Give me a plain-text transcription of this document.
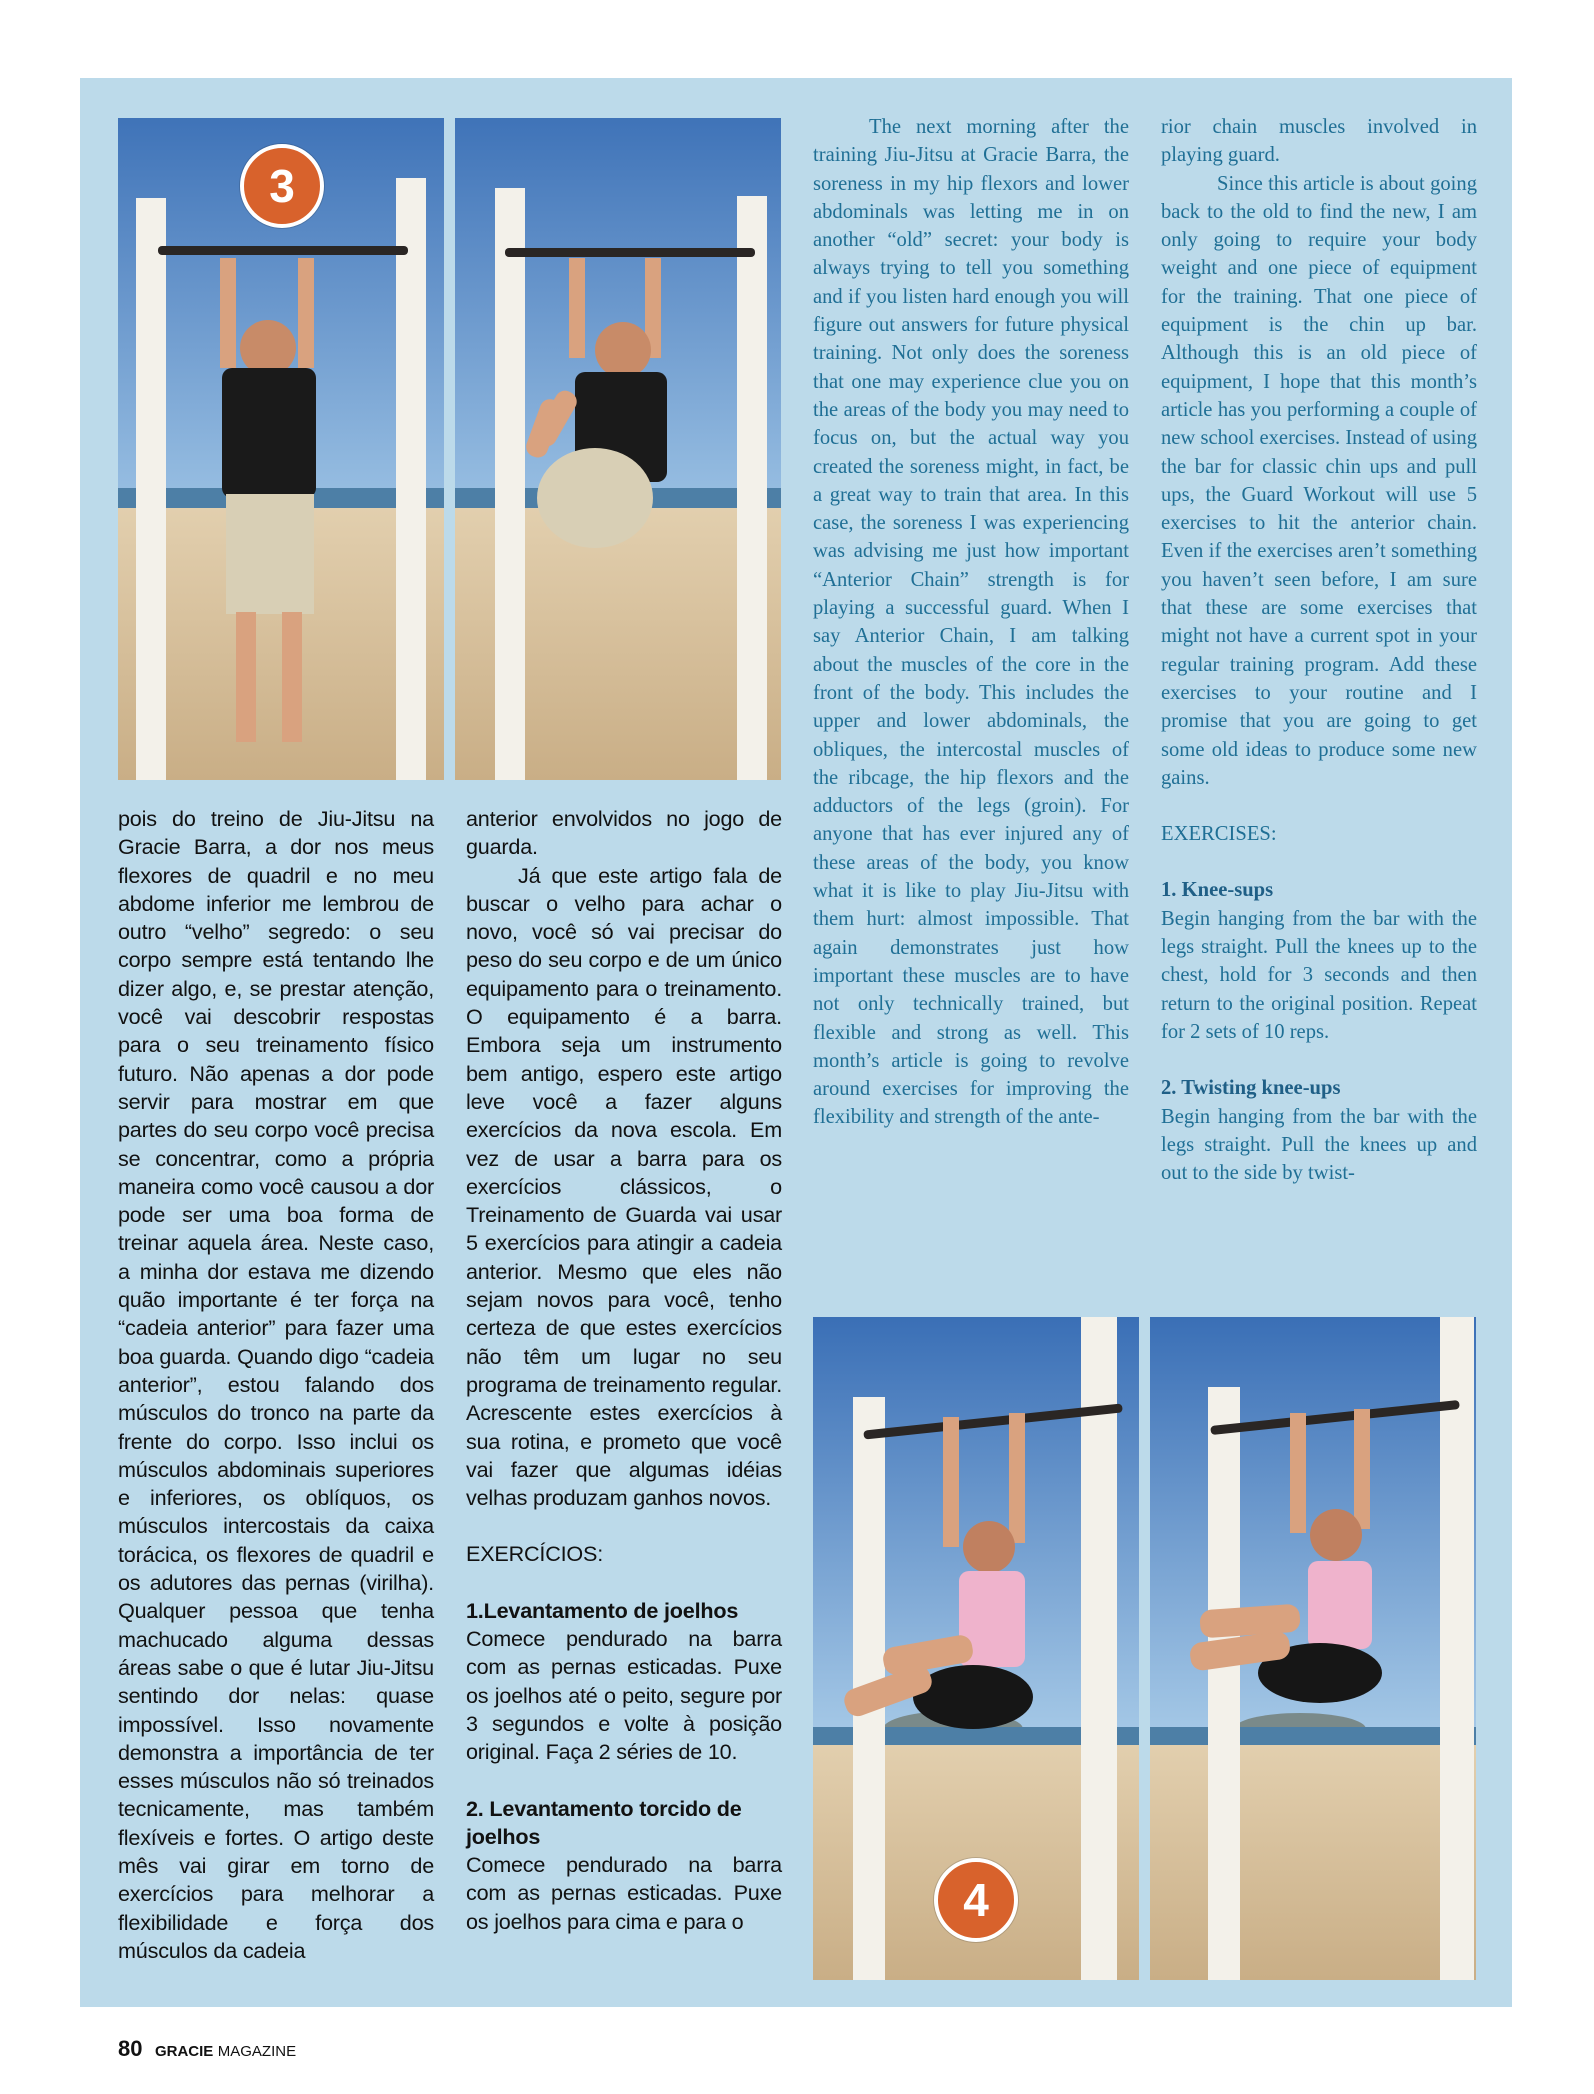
3
4

pois do treino de Jiu-Jitsu na Gracie Barra, a dor nos meus flexores de quadril e no meu abdome inferior me lembrou de outro “velho” segredo: o seu corpo sempre está tentando lhe dizer algo, e, se prestar atenção, você vai descobrir respostas para o seu treinamento físico futuro. Não apenas a dor pode servir para mostrar em que partes do seu corpo você precisa se concentrar, como a própria maneira como você causou a dor pode ser uma boa forma de treinar aquela área. Neste caso, a minha dor estava me dizendo quão importante é ter força na “cadeia anterior” para fazer uma boa guarda. Quando digo “cadeia anterior”, estou falando dos músculos do tronco na parte da frente do corpo. Isso inclui os músculos abdominais superiores e inferiores, os oblíquos, os músculos intercostais da caixa torácica, os flexores de quadril e os adutores das pernas (virilha). Qualquer pessoa que tenha machucado alguma dessas áreas sabe o que é lutar Jiu-Jitsu sentindo dor nelas: quase impossível. Isso novamente demonstra a importância de ter esses músculos não só treinados tecnicamente, mas também flexíveis e fortes. O artigo deste mês vai girar em torno de exercícios para melhorar a flexibilidade e força dos músculos da cadeia

anterior envolvidos no jogo de guarda.

Já que este artigo fala de buscar o velho para achar o novo, você só vai precisar do peso do seu corpo e de um único equipamento para o treinamento. O equipamento é a barra. Embora seja um instrumento bem antigo, espero este artigo leve você a fazer alguns exercícios da nova escola. Em vez de usar a barra para os exercícios clássicos, o Treinamento de Guarda vai usar 5 exercícios para atingir a cadeia anterior. Mesmo que eles não sejam novos para você, tenho certeza de que estes exercícios não têm um lugar no seu programa de treinamento regular. Acrescente estes exercícios à sua rotina, e prometo que você vai fazer que algumas idéias velhas produzam ganhos novos.

EXERCÍCIOS:

1.Levantamento de joelhos

Comece pendurado na barra com as pernas esticadas. Puxe os joelhos até o peito, segure por 3 segundos e volte à posição original. Faça 2 séries de 10.

2. Levantamento torcido de joelhos

Comece pendurado na barra com as pernas esticadas. Puxe os joelhos para cima e para o

The next morning after the training Jiu-Jitsu at Gracie Barra, the soreness in my hip flexors and lower abdominals was letting me in on another “old” secret: your body is always trying to tell you something and if you listen hard enough you will figure out answers for future physical training. Not only does the soreness that one may experience clue you on the areas of the body you may need to focus on, but the actual way you created the soreness might, in fact, be a great way to train that area. In this case, the soreness I was experiencing was advising me just how important “Anterior Chain” strength is for playing a successful guard. When I say Anterior Chain, I am talking about the muscles of the core in the front of the body. This includes the upper and lower abdominals, the obliques, the intercostal muscles of the ribcage, the hip flexors and the adductors of the legs (groin). For anyone that has ever injured any of these areas of the body, you know what it is like to play Jiu-Jitsu with them hurt: almost impossible. That again demonstrates just how important these muscles are to have not only technically trained, but flexible and strong as well. This month’s article is going to revolve around exercises for improving the flexibility and strength of the ante-

rior chain muscles involved in playing guard.

Since this article is about going back to the old to find the new, I am only going to require your body weight and one piece of equipment for the training. That one piece of equipment is the chin up bar. Although this is an old piece of equipment, I hope that this month’s article has you performing a couple of new school exercises. Instead of using the bar for classic chin ups and pull ups, the Guard Workout will use 5 exercises to hit the anterior chain. Even if the exercises aren’t something you haven’t seen before, I am sure that these are some exercises that might not have a current spot in your regular training program. Add these exercises to your routine and I promise that you are going to get some old ideas to produce some new gains.

EXERCISES:

1. Knee-sups

Begin hanging from the bar with the legs straight. Pull the knees up to the chest, hold for 3 seconds and then return to the original position. Repeat for 2 sets of 10 reps.

2. Twisting knee-ups

Begin hanging from the bar with the legs straight. Pull the knees up and out to the side by twist-

80 GRACIE MAGAZINE
